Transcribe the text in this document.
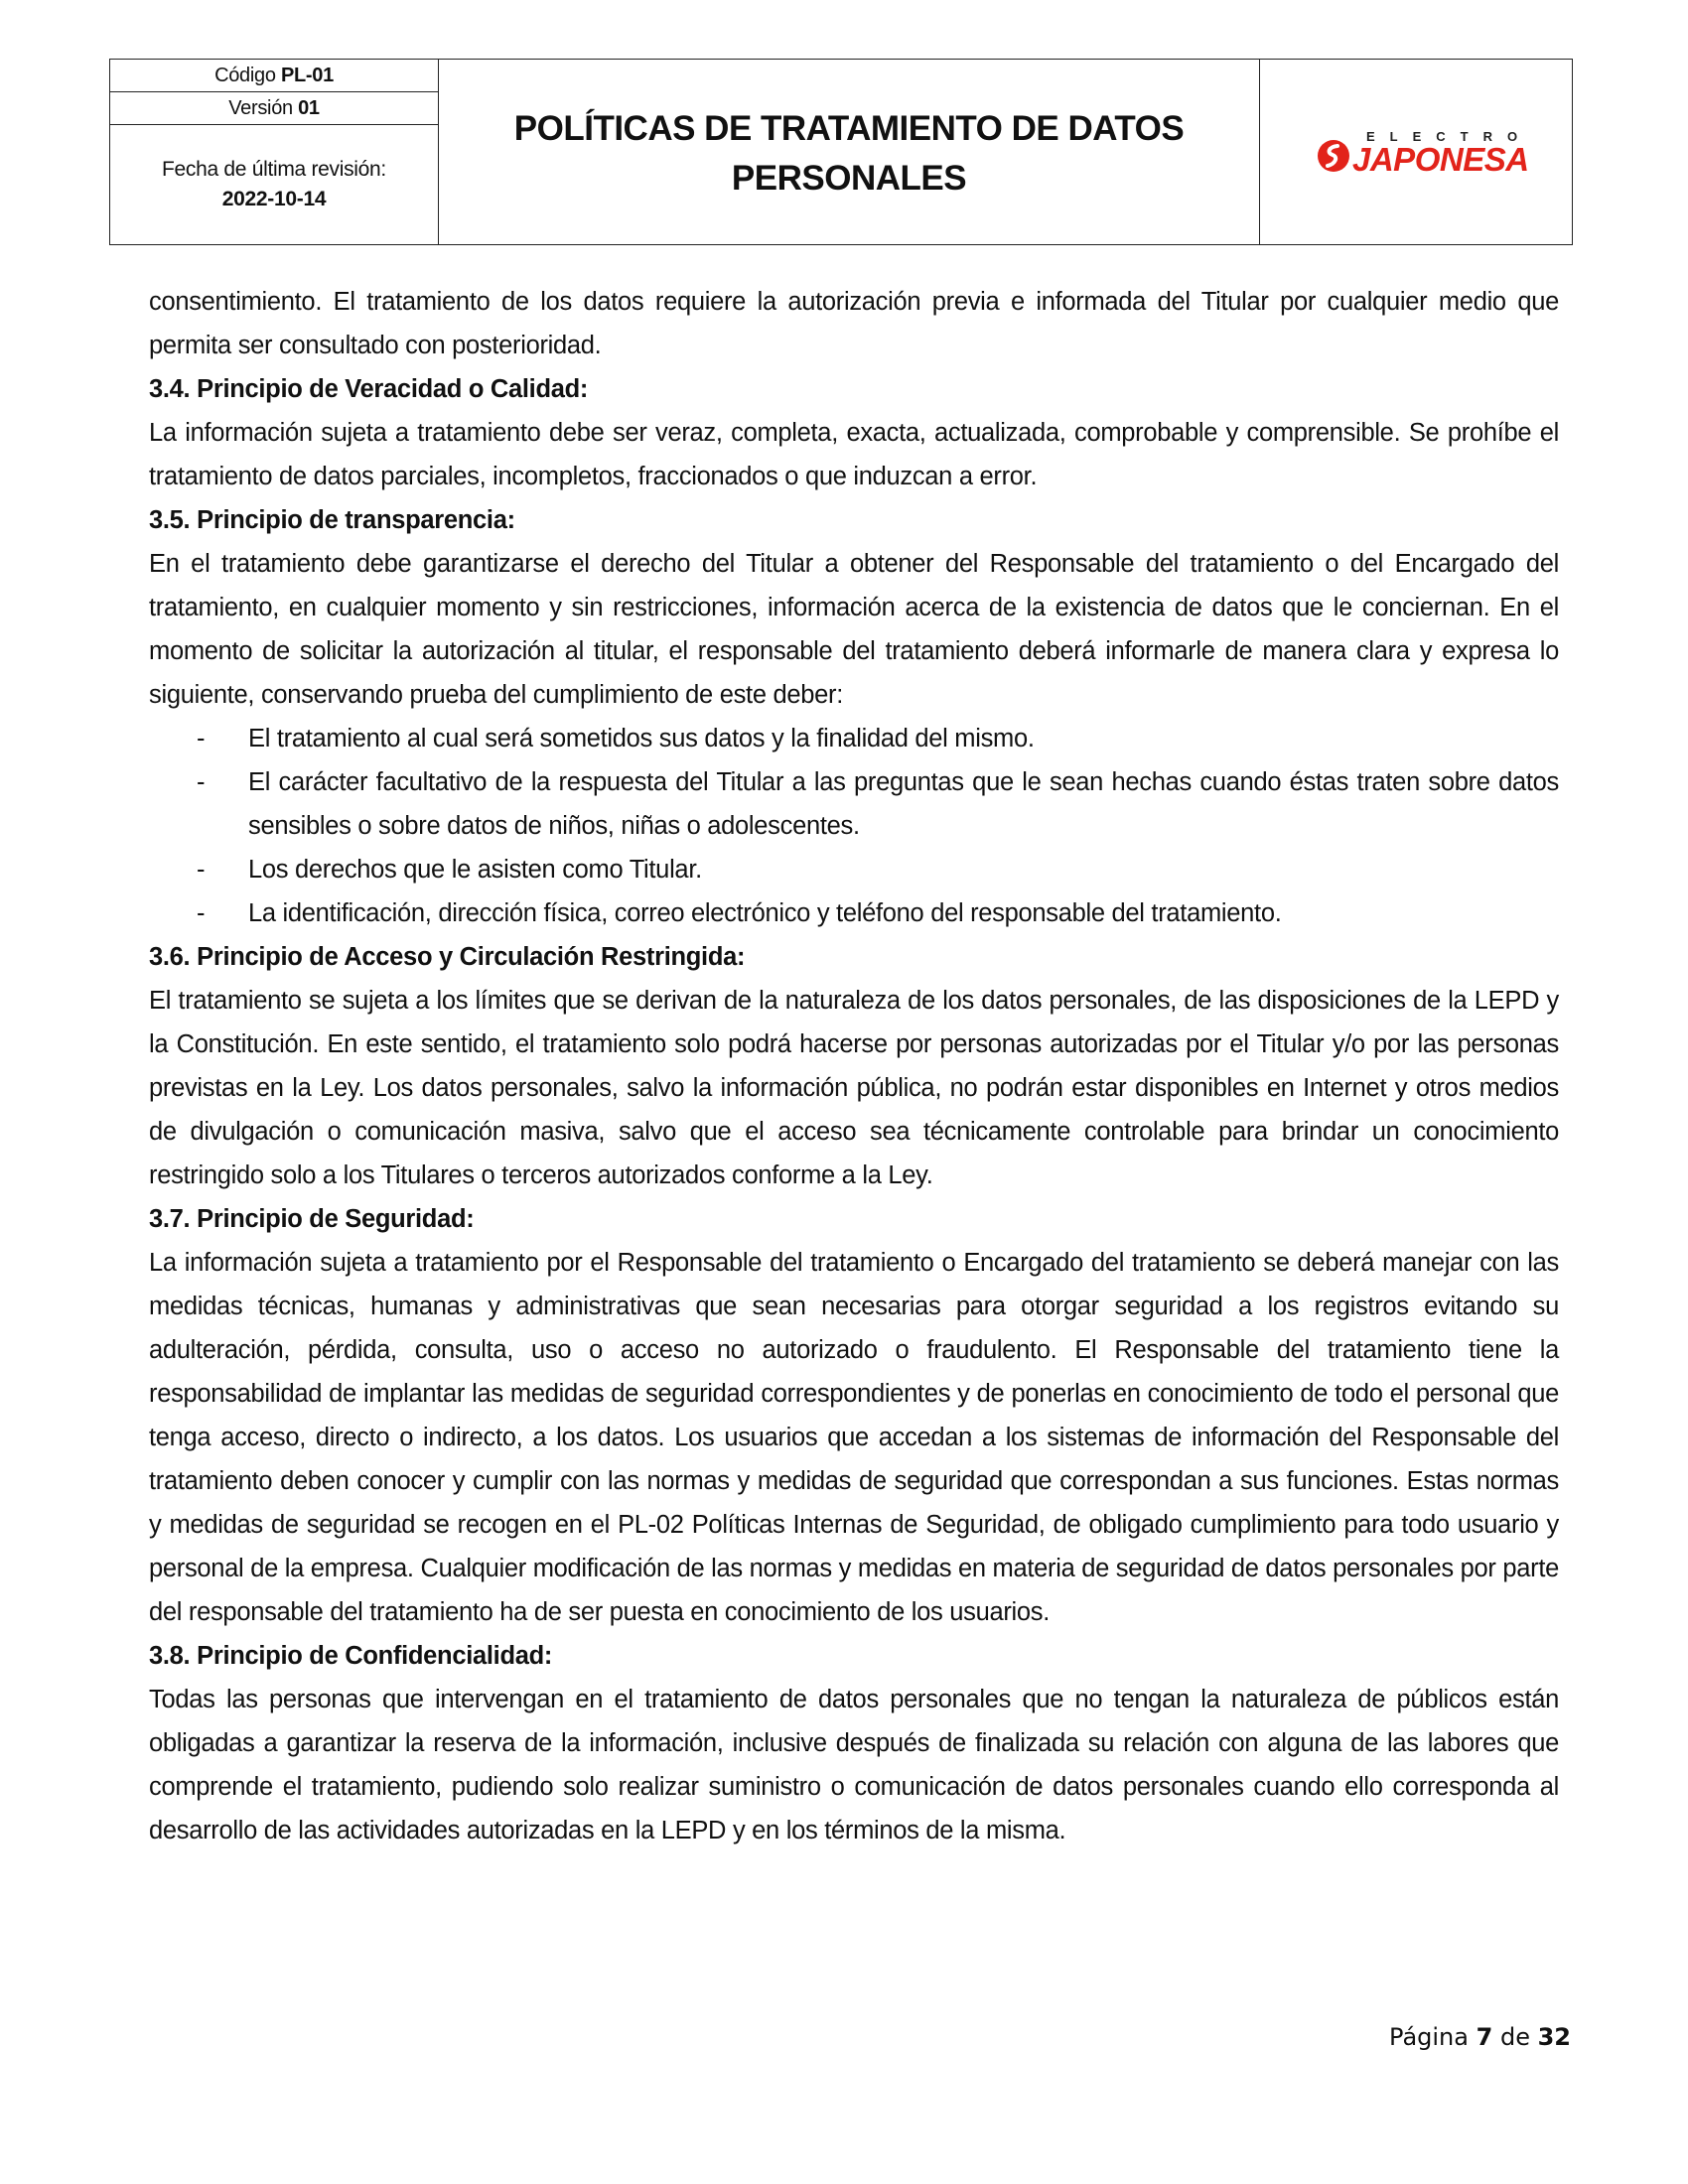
Código PL-01
Versión 01
Fecha de última revisión:
2022-10-14
POLÍTICAS DE TRATAMIENTO DE DATOS PERSONALES
ELECTRO
JAPONESA

consentimiento. El tratamiento de los datos requiere la autorización previa e informada del Titular por cualquier medio que permita ser consultado con posterioridad.

3.4. Principio de Veracidad o Calidad:

La información sujeta a tratamiento debe ser veraz, completa, exacta, actualizada, comprobable y comprensible. Se prohíbe el tratamiento de datos parciales, incompletos, fraccionados o que induzcan a error.

3.5. Principio de transparencia:

En el tratamiento debe garantizarse el derecho del Titular a obtener del Responsable del tratamiento o del Encargado del tratamiento, en cualquier momento y sin restricciones, información acerca de la existencia de datos que le conciernan. En el momento de solicitar la autorización al titular, el responsable del tratamiento deberá informarle de manera clara y expresa lo siguiente, conservando prueba del cumplimiento de este deber:

- El tratamiento al cual será sometidos sus datos y la finalidad del mismo.
- El carácter facultativo de la respuesta del Titular a las preguntas que le sean hechas cuando éstas traten sobre datos sensibles o sobre datos de niños, niñas o adolescentes.
- Los derechos que le asisten como Titular.
- La identificación, dirección física, correo electrónico y teléfono del responsable del tratamiento.

3.6. Principio de Acceso y Circulación Restringida:

El tratamiento se sujeta a los límites que se derivan de la naturaleza de los datos personales, de las disposiciones de la LEPD y la Constitución. En este sentido, el tratamiento solo podrá hacerse por personas autorizadas por el Titular y/o por las personas previstas en la Ley. Los datos personales, salvo la información pública, no podrán estar disponibles en Internet y otros medios de divulgación o comunicación masiva, salvo que el acceso sea técnicamente controlable para brindar un conocimiento restringido solo a los Titulares o terceros autorizados conforme a la Ley.

3.7. Principio de Seguridad:

La información sujeta a tratamiento por el Responsable del tratamiento o Encargado del tratamiento se deberá manejar con las medidas técnicas, humanas y administrativas que sean necesarias para otorgar seguridad a los registros evitando su adulteración, pérdida, consulta, uso o acceso no autorizado o fraudulento. El Responsable del tratamiento tiene la responsabilidad de implantar las medidas de seguridad correspondientes y de ponerlas en conocimiento de todo el personal que tenga acceso, directo o indirecto, a los datos. Los usuarios que accedan a los sistemas de información del Responsable del tratamiento deben conocer y cumplir con las normas y medidas de seguridad que correspondan a sus funciones. Estas normas y medidas de seguridad se recogen en el PL-02 Políticas Internas de Seguridad, de obligado cumplimiento para todo usuario y personal de la empresa. Cualquier modificación de las normas y medidas en materia de seguridad de datos personales por parte del responsable del tratamiento ha de ser puesta en conocimiento de los usuarios.

3.8. Principio de Confidencialidad:

Todas las personas que intervengan en el tratamiento de datos personales que no tengan la naturaleza de públicos están obligadas a garantizar la reserva de la información, inclusive después de finalizada su relación con alguna de las labores que comprende el tratamiento, pudiendo solo realizar suministro o comunicación de datos personales cuando ello corresponda al desarrollo de las actividades autorizadas en la LEPD y en los términos de la misma.

Página 7 de 32
